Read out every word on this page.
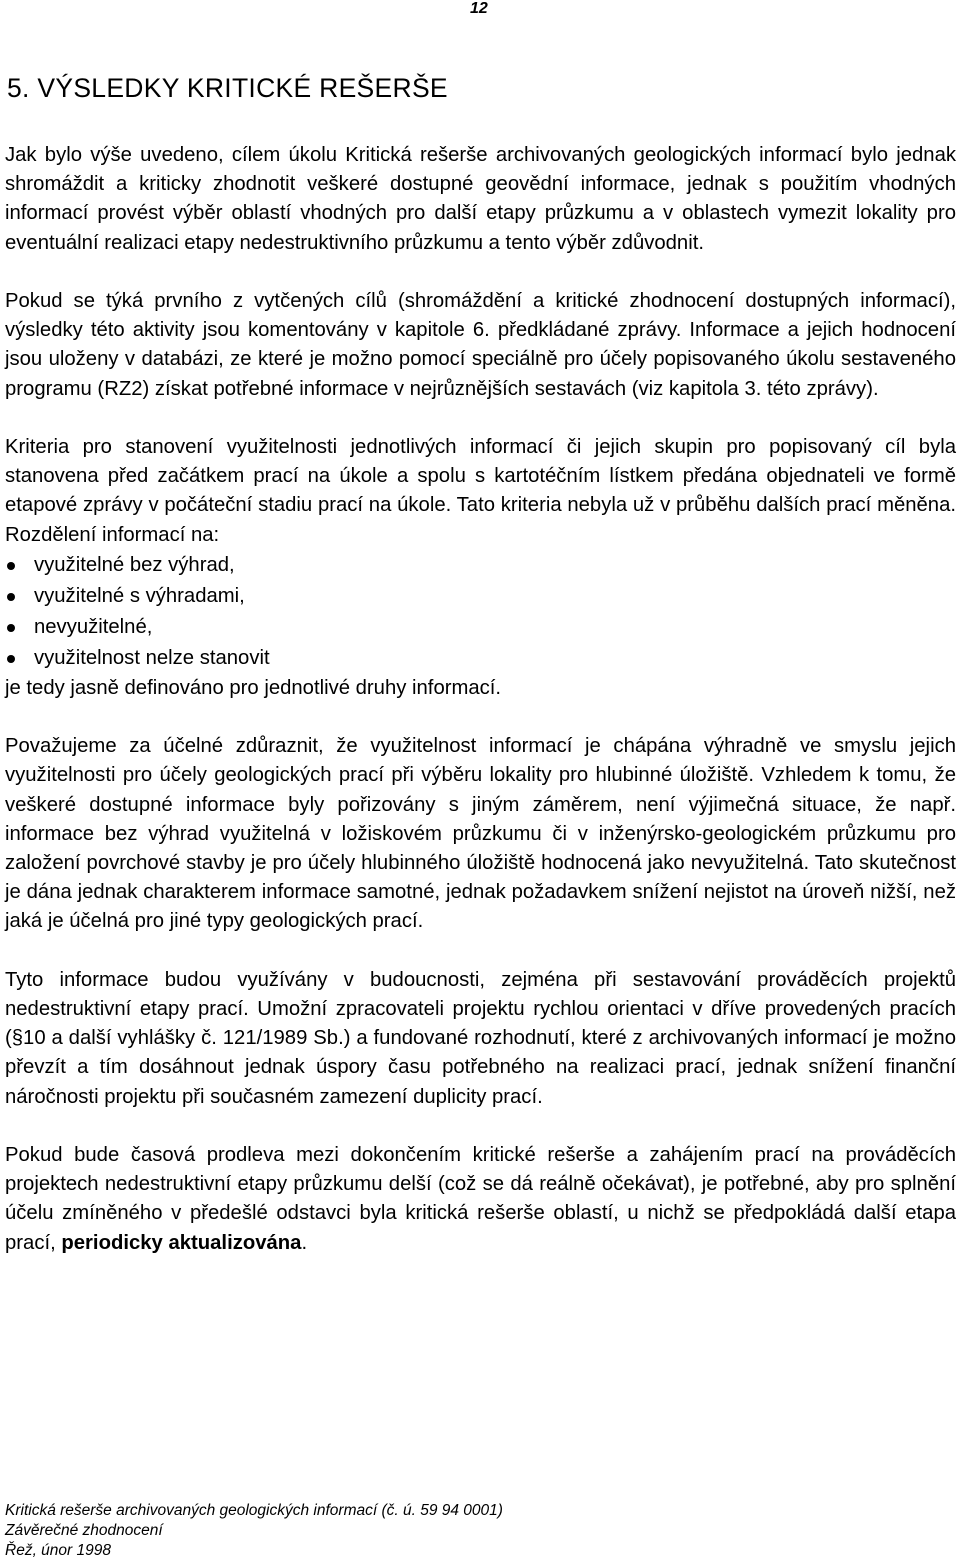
12
5. VÝSLEDKY KRITICKÉ REŠERŠE

Jak bylo výše uvedeno, cílem úkolu Kritická rešerše archivovaných geologických informací bylo jednak shromáždit a kriticky zhodnotit veškeré dostupné geovědní informace, jednak s použitím vhodných informací provést výběr oblastí vhodných pro další etapy průzkumu a v oblastech vymezit lokality pro eventuální realizaci etapy nedestruktivního průzkumu a tento výběr zdůvodnit.

Pokud se týká prvního z vytčených cílů (shromáždění a kritické zhodnocení dostupných informací), výsledky této aktivity jsou komentovány v kapitole 6. předkládané zprávy. Informace a jejich hodnocení jsou uloženy v databázi, ze které je možno pomocí speciálně pro účely popisovaného úkolu sestaveného programu (RZ2) získat potřebné informace v nejrůznějších sestavách (viz kapitola 3. této zprávy).

Kriteria pro stanovení využitelnosti jednotlivých informací či jejich skupin pro popisovaný cíl byla stanovena před začátkem prací na úkole a spolu s kartotéčním lístkem předána objednateli ve formě etapové zprávy v počáteční stadiu prací na úkole. Tato kriteria nebyla už v průběhu dalších prací měněna. Rozdělení informací na:

využitelné bez výhrad,
využitelné s výhradami,
nevyužitelné,
využitelnost nelze stanovit

je tedy jasně definováno pro jednotlivé druhy informací.

Považujeme za účelné zdůraznit, že využitelnost informací je chápána výhradně ve smyslu jejich využitelnosti pro účely geologických prací při výběru lokality pro hlubinné úložiště. Vzhledem k tomu, že veškeré dostupné informace byly pořizovány s jiným záměrem, není výjimečná situace, že např. informace bez výhrad využitelná v ložiskovém průzkumu či v inženýrsko-geologickém průzkumu pro založení povrchové stavby je pro účely hlubinného úložiště hodnocená jako nevyužitelná. Tato skutečnost je dána jednak charakterem informace samotné, jednak požadavkem snížení nejistot na úroveň nižší, než jaká je účelná pro jiné typy geologických prací.

Tyto informace budou využívány v budoucnosti, zejména při sestavování prováděcích projektů nedestruktivní etapy prací. Umožní zpracovateli projektu rychlou orientaci v dříve provedených pracích (§10 a další vyhlášky č. 121/1989 Sb.) a fundované rozhodnutí, které z archivovaných informací je možno převzít a tím dosáhnout jednak úspory času potřebného na realizaci prací, jednak snížení finanční náročnosti projektu při současném zamezení duplicity prací.

Pokud bude časová prodleva mezi dokončením kritické rešerše a zahájením prací na prováděcích projektech nedestruktivní etapy průzkumu delší (což se dá reálně očekávat), je potřebné, aby pro splnění účelu zmíněného v předešlé odstavci byla kritická rešerše oblastí, u nichž se předpokládá další etapa prací, periodicky aktualizována.

Kritická rešerše archivovaných geologických informací (č. ú. 59 94 0001)
Závěrečné zhodnocení
Řež, únor 1998
